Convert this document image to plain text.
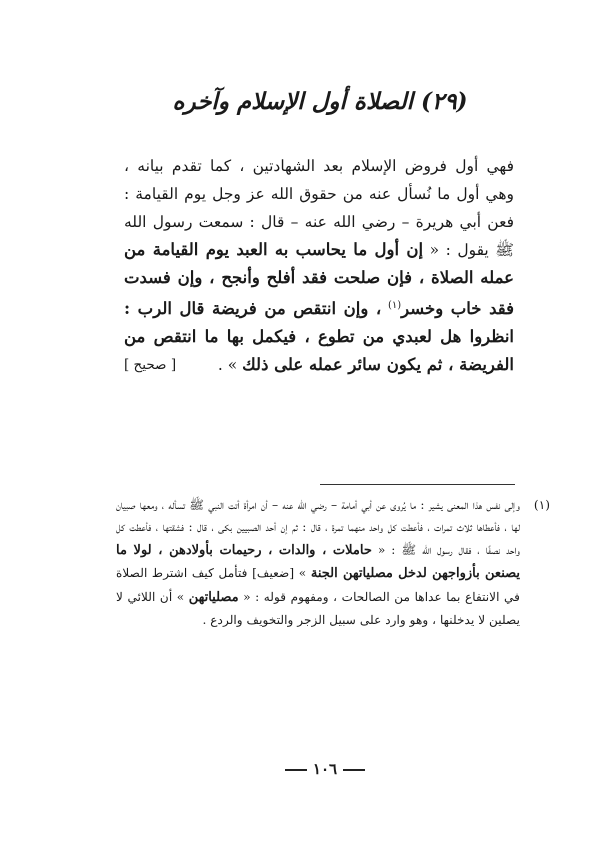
(٢٩) الصلاة أول الإسلام وآخره

فهي أول فروض الإسلام بعد الشهادتين ، كما تقدم بيانه ، وهي أول ما نُسأل عنه من حقوق الله عز وجل يوم القيامة : فعن أبي هريرة – رضي الله عنه – قال : سمعت رسول الله ﷺ يقول : « إن أول ما يحاسب به العبد يوم القيامة من عمله الصلاة ، فإن صلحت فقد أفلح وأنجح ، وإن فسدت فقد خاب وخسر$^{(١)}$ ، وإن انتقص من فريضة قال الرب : انظروا هل لعبدي من تطوع ، فيكمل بها ما انتقص من الفريضة ، ثم يكون سائر عمله على ذلك » .
[ صحيح ]

(١)
وإلى نفس هذا المعنى يشير : ما يُروى عن أبي أمامة – رضي الله عنه – أن امرأة أتت النبي ﷺ تسأله ، ومعها صبيان لها ، فأعطاها ثلاث تمرات ، فأعطت كل واحد منهما تمرة ، قال : ثم إن أحد الصبيين بكى ، قال : فشقتها ، فأعطت كل واحد نصفًا ، فقال رسول الله ﷺ : « حاملات ، والدات ، رحيمات بأولادهن ، لولا ما يصنعن بأزواجهن لدخل مصلياتهن الجنة » [ضعيف] فتأمل كيف اشترط الصلاة في الانتفاع بما عداها من الصالحات ، ومفهوم قوله : « مصلياتهن » أن اللائي لا يصلين لا يدخلنها ، وهو وارد على سبيل الزجر والتخويف والردع .
١٠٦
